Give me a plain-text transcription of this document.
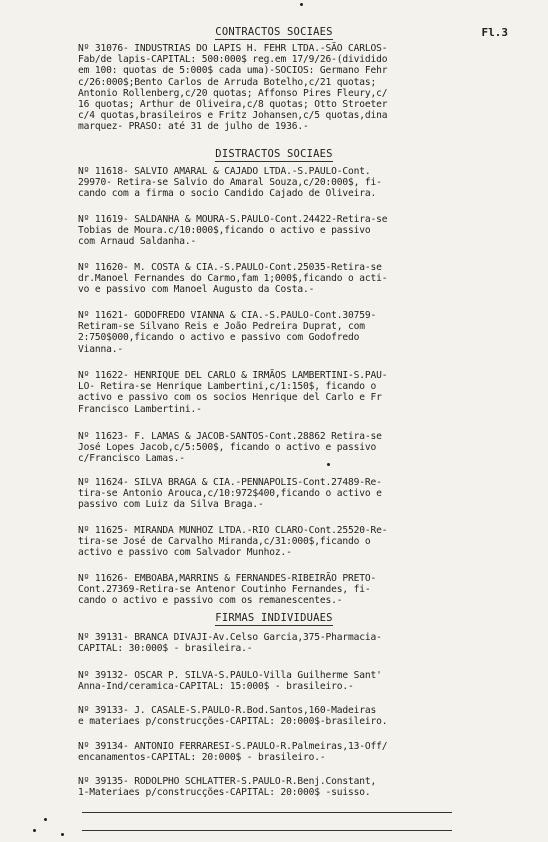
CONTRACTOS SOCIAES	Fl.3
Nº 31076- INDUSTRIAS DO LAPIS H. FEHR LTDA.-SÃO CARLOS-
Fab/de lapis-CAPITAL: 500:000$ reg.em 17/9/26-(dividido
em 100: quotas de 5:000$ cada uma)-SOCIOS: Germano Fehr
c/26:000$;Bento Carlos de Arruda Botelho,c/21 quotas;
Antonio Rollenberg,c/20 quotas; Affonso Pires Fleury,c/
16 quotas; Arthur de Oliveira,c/8 quotas; Otto Stroeter
c/4 quotas,brasileiros e Fritz Johansen,c/5 quotas,dina
marquez- PRASO: até 31 de julho de 1936.-
DISTRACTOS SOCIAES
Nº 11618- SALVIO AMARAL & CAJADO LTDA.-S.PAULO-Cont.
29970- Retira-se Salvio do Amaral Souza,c/20:000$, fi-
cando com a firma o socio Candido Cajado de Oliveira.
Nº 11619- SALDANHA & MOURA-S.PAULO-Cont.24422-Retira-se
Tobias de Moura.c/10:000$,ficando o activo e passivo
com Arnaud Saldanha.-
Nº 11620- M. COSTA & CIA.-S.PAULO-Cont.25035-Retira-se
dr.Manoel Fernandes do Carmo,fam 1;000$,ficando o acti-
vo e passivo com Manoel Augusto da Costa.-
Nº 11621- GODOFREDO VIANNA & CIA.-S.PAULO-Cont.30759-
Retiram-se Silvano Reis e João Pedreira Duprat, com
2:750$000,ficando o activo e passivo com Godofredo
Vianna.-
Nº 11622- HENRIQUE DEL CARLO & IRMÃOS LAMBERTINI-S.PAU-
LO- Retira-se Henrique Lambertini,c/1:150$, ficando o
activo e passivo com os socios Henrique del Carlo e Fr
Francisco Lambertini.-
Nº 11623- F. LAMAS & JACOB-SANTOS-Cont.28862 Retira-se
José Lopes Jacob,c/5:500$, ficando o activo e passivo
c/Francisco Lamas.-
Nº 11624- SILVA BRAGA & CIA.-PENNAPOLIS-Cont.27489-Re-
tira-se Antonio Arouca,c/10:972$400,ficando o activo e
passivo com Luiz da Silva Braga.-
Nº 11625- MIRANDA MUNHOZ LTDA.-RIO CLARO-Cont.25520-Re-
tira-se José de Carvalho Miranda,c/31:000$,ficando o
activo e passivo com Salvador Munhoz.-
Nº 11626- EMBOABA,MARRINS & FERNANDES-RIBEIRÃO PRETO-
Cont.27369-Retira-se Antenor Coutinho Fernandes, fi-
cando o activo e passivo com os remanescentes.-
FIRMAS INDIVIDUAES
Nº 39131- BRANCA DIVAJI-Av.Celso Garcia,375-Pharmacia-
CAPITAL: 30:000$ - brasileira.-
Nº 39132- OSCAR P. SILVA-S.PAULO-Villa Guilherme Sant'
Anna-Ind/ceramica-CAPITAL: 15:000$ - brasileiro.-
Nº 39133- J. CASALE-S.PAULO-R.Bod.Santos,160-Madeiras
e materiaes p/construcções-CAPITAL: 20:000$-brasileiro.
Nº 39134- ANTONIO FERRARESI-S.PAULO-R.Palmeiras,13-Off/
encanamentos-CAPITAL: 20:000$ - brasileiro.-
Nº 39135- RODOLPHO SCHLATTER-S.PAULO-R.Benj.Constant,
1-Materiaes p/construcções-CAPITAL: 20:000$ -suisso.
